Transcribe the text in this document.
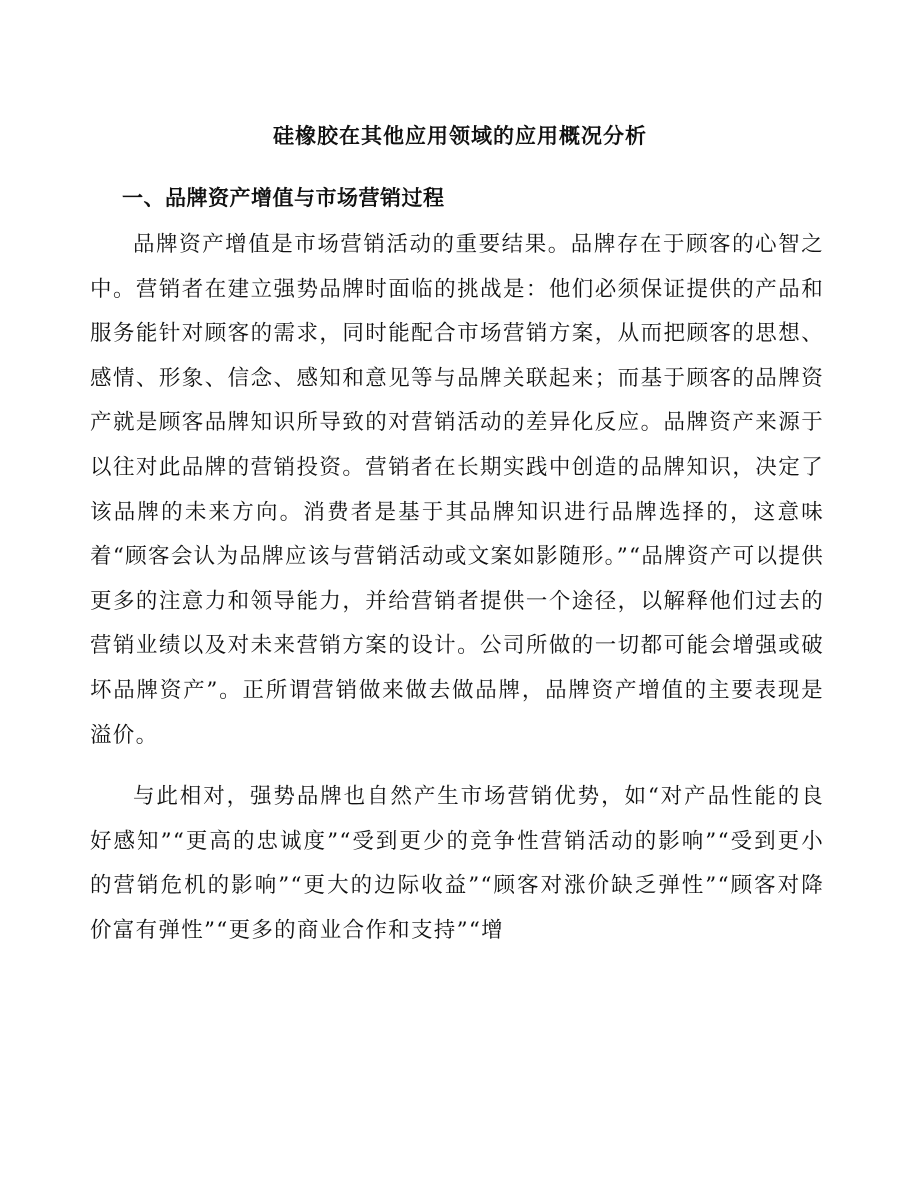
硅橡胶在其他应用领域的应用概况分析
一、品牌资产增值与市场营销过程

品牌资产增值是市场营销活动的重要结果。品牌存在于顾客的心智之中。营销者在建立强势品牌时面临的挑战是：他们必须保证提供的产品和服务能针对顾客的需求，同时能配合市场营销方案，从而把顾客的思想、感情、形象、信念、感知和意见等与品牌关联起来；而基于顾客的品牌资产就是顾客品牌知识所导致的对营销活动的差异化反应。品牌资产来源于以往对此品牌的营销投资。营销者在长期实践中创造的品牌知识，决定了该品牌的未来方向。消费者是基于其品牌知识进行品牌选择的，这意味着“顾客会认为品牌应该与营销活动或文案如影随形。”“品牌资产可以提供更多的注意力和领导能力，并给营销者提供一个途径，以解释他们过去的营销业绩以及对未来营销方案的设计。公司所做的一切都可能会增强或破坏品牌资产”。正所谓营销做来做去做品牌，品牌资产增值的主要表现是溢价。

与此相对，强势品牌也自然产生市场营销优势，如“对产品性能的良好感知”“更高的忠诚度”“受到更少的竞争性营销活动的影响”“受到更小的营销危机的影响”“更大的边际收益”“顾客对涨价缺乏弹性”“顾客对降价富有弹性”“更多的商业合作和支持”“增
